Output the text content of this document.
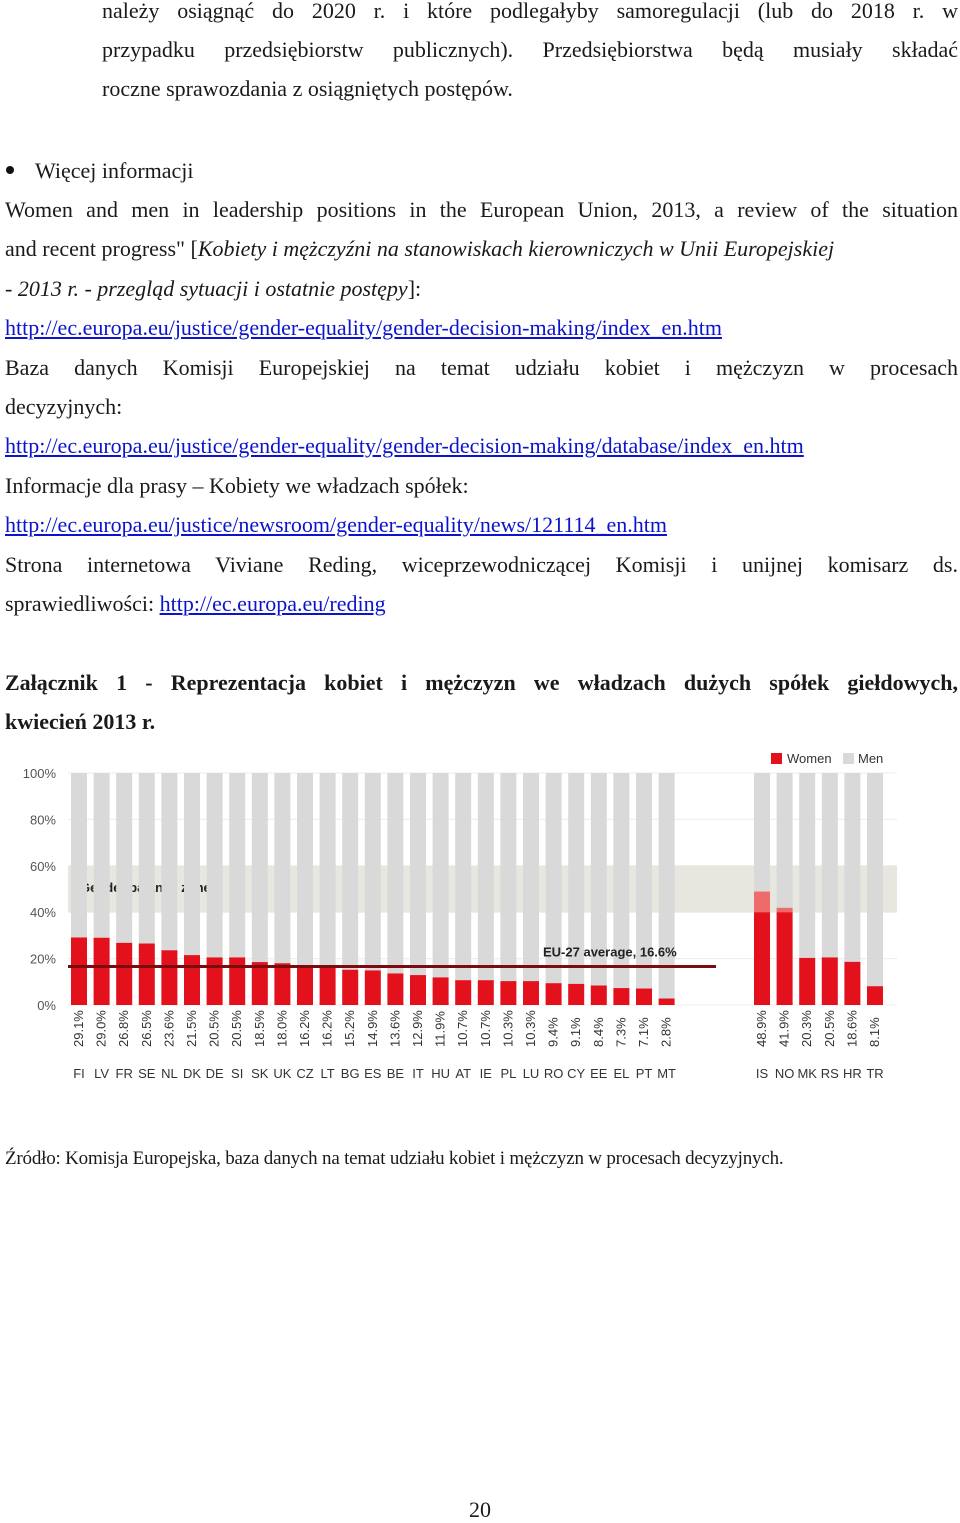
należy osiągnąć do 2020 r. i które podlegałyby samoregulacji (lub do 2018 r. w
przypadku przedsiębiorstw publicznych). Przedsiębiorstwa będą musiały składać
roczne sprawozdania z osiągniętych postępów.
Więcej informacji
Women and men in leadership positions in the European Union, 2013, a review of the situation
and recent progress" [Kobiety i mężczyźni na stanowiskach kierowniczych w Unii Europejskiej
- 2013 r. - przegląd sytuacji i ostatnie postępy]:
http://ec.europa.eu/justice/gender-equality/gender-decision-making/index_en.htm
Baza danych Komisji Europejskiej na temat udziału kobiet i mężczyzn w procesach
decyzyjnych:
http://ec.europa.eu/justice/gender-equality/gender-decision-making/database/index_en.htm
Informacje dla prasy – Kobiety we władzach spółek:
http://ec.europa.eu/justice/newsroom/gender-equality/news/121114_en.htm
Strona internetowa Viviane Reding, wiceprzewodniczącej Komisji i unijnej komisarz ds.
sprawiedliwości: http://ec.europa.eu/reding
Załącznik 1 - Reprezentacja kobiet i mężczyzn we władzach dużych spółek giełdowych,
kwiecień 2013 r.
29.1%
FI
29.0%
LV
26.8%
FR
26.5%
SE
23.6%
NL
21.5%
DK
20.5%
DE
20.5%
SI
18.5%
SK
18.0%
UK
16.2%
CZ
16.2%
LT
15.2%
BG
14.9%
ES
13.6%
BE
12.9%
IT
11.9%
HU
10.7%
AT
10.7%
IE
10.3%
PL
10.3%
LU
9.4%
RO
9.1%
CY
8.4%
EE
7.3%
EL
7.1%
PT
2.8%
MT
48.9%
IS
41.9%
NO
20.3%
MK
20.5%
RS
18.6%
HR
8.1%
TR
EU-27 average, 16.6%
0%
20%
40%
60%
80%
100%
Women Men
Źródło: Komisja Europejska, baza danych na temat udziału kobiet i mężczyzn w procesach decyzyjnych.
20
